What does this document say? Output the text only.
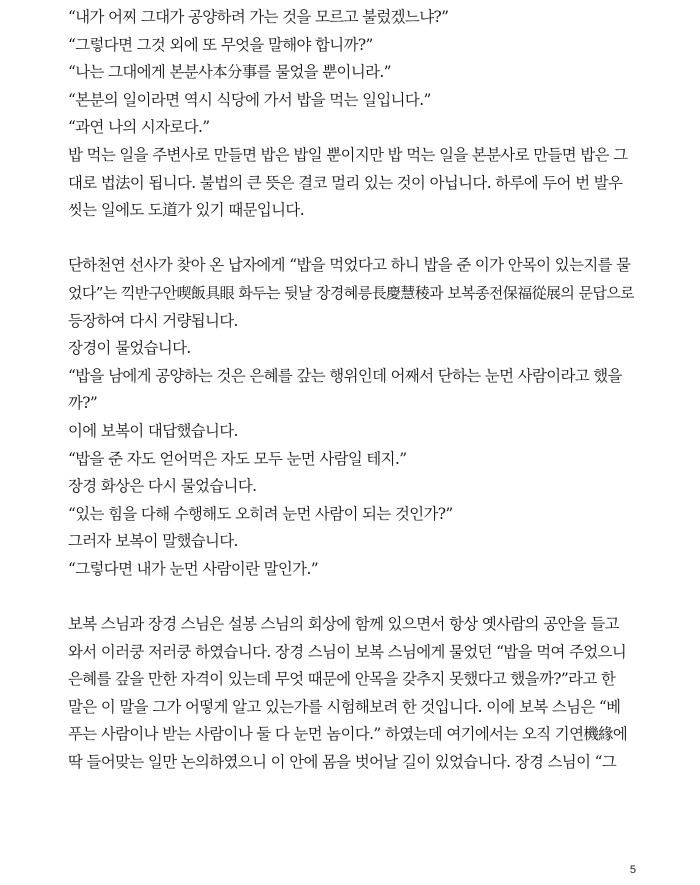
“내가 어찌 그대가 공양하려 가는 것을 모르고 불렀겠느냐?”
“그렇다면 그것 외에 또 무엇을 말해야 합니까?”
“나는 그대에게 본분사本分事를 물었을 뿐이니라.”
“본분의 일이라면 역시 식당에 가서 밥을 먹는 일입니다.”
“과연 나의 시자로다.”
밥 먹는 일을 주변사로 만들면 밥은 밥일 뿐이지만 밥 먹는 일을 본분사로 만들면 밥은 그
대로 법法이 됩니다. 불법의 큰 뜻은 결코 멀리 있는 것이 아닙니다. 하루에 두어 번 발우
씻는 일에도 도道가 있기 때문입니다.
단하천연 선사가 찾아 온 납자에게 “밥을 먹었다고 하니 밥을 준 이가 안목이 있는지를 물
었다”는 끽반구안喫飯具眼 화두는 뒷날 장경혜릉長慶慧稜과 보복종전保福從展의 문답으로
등장하여 다시 거량됩니다.
장경이 물었습니다.
“밥을 남에게 공양하는 것은 은혜를 갚는 행위인데 어째서 단하는 눈먼 사람이라고 했을
까?”
이에 보복이 대답했습니다.
“밥을 준 자도 얻어먹은 자도 모두 눈먼 사람일 테지.”
장경 화상은 다시 물었습니다.
“있는 힘을 다해 수행해도 오히려 눈먼 사람이 되는 것인가?”
그러자 보복이 말했습니다.
“그렇다면 내가 눈먼 사람이란 말인가.”
보복 스님과 장경 스님은 설봉 스님의 회상에 함께 있으면서 항상 옛사람의 공안을 들고
와서 이러쿵 저러쿵 하였습니다. 장경 스님이 보복 스님에게 물었던 “밥을 먹여 주었으니
은혜를 갚을 만한 자격이 있는데 무엇 때문에 안목을 갖추지 못했다고 했을까?”라고 한
말은 이 말을 그가 어떻게 알고 있는가를 시험해보려 한 것입니다. 이에 보복 스님은 “베
푸는 사람이나 받는 사람이나 둘 다 눈먼 놈이다.” 하였는데 여기에서는 오직 기연機緣에
딱 들어맞는 일만 논의하였으니 이 안에 몸을 벗어날 길이 있었습니다. 장경 스님이 “그
5
